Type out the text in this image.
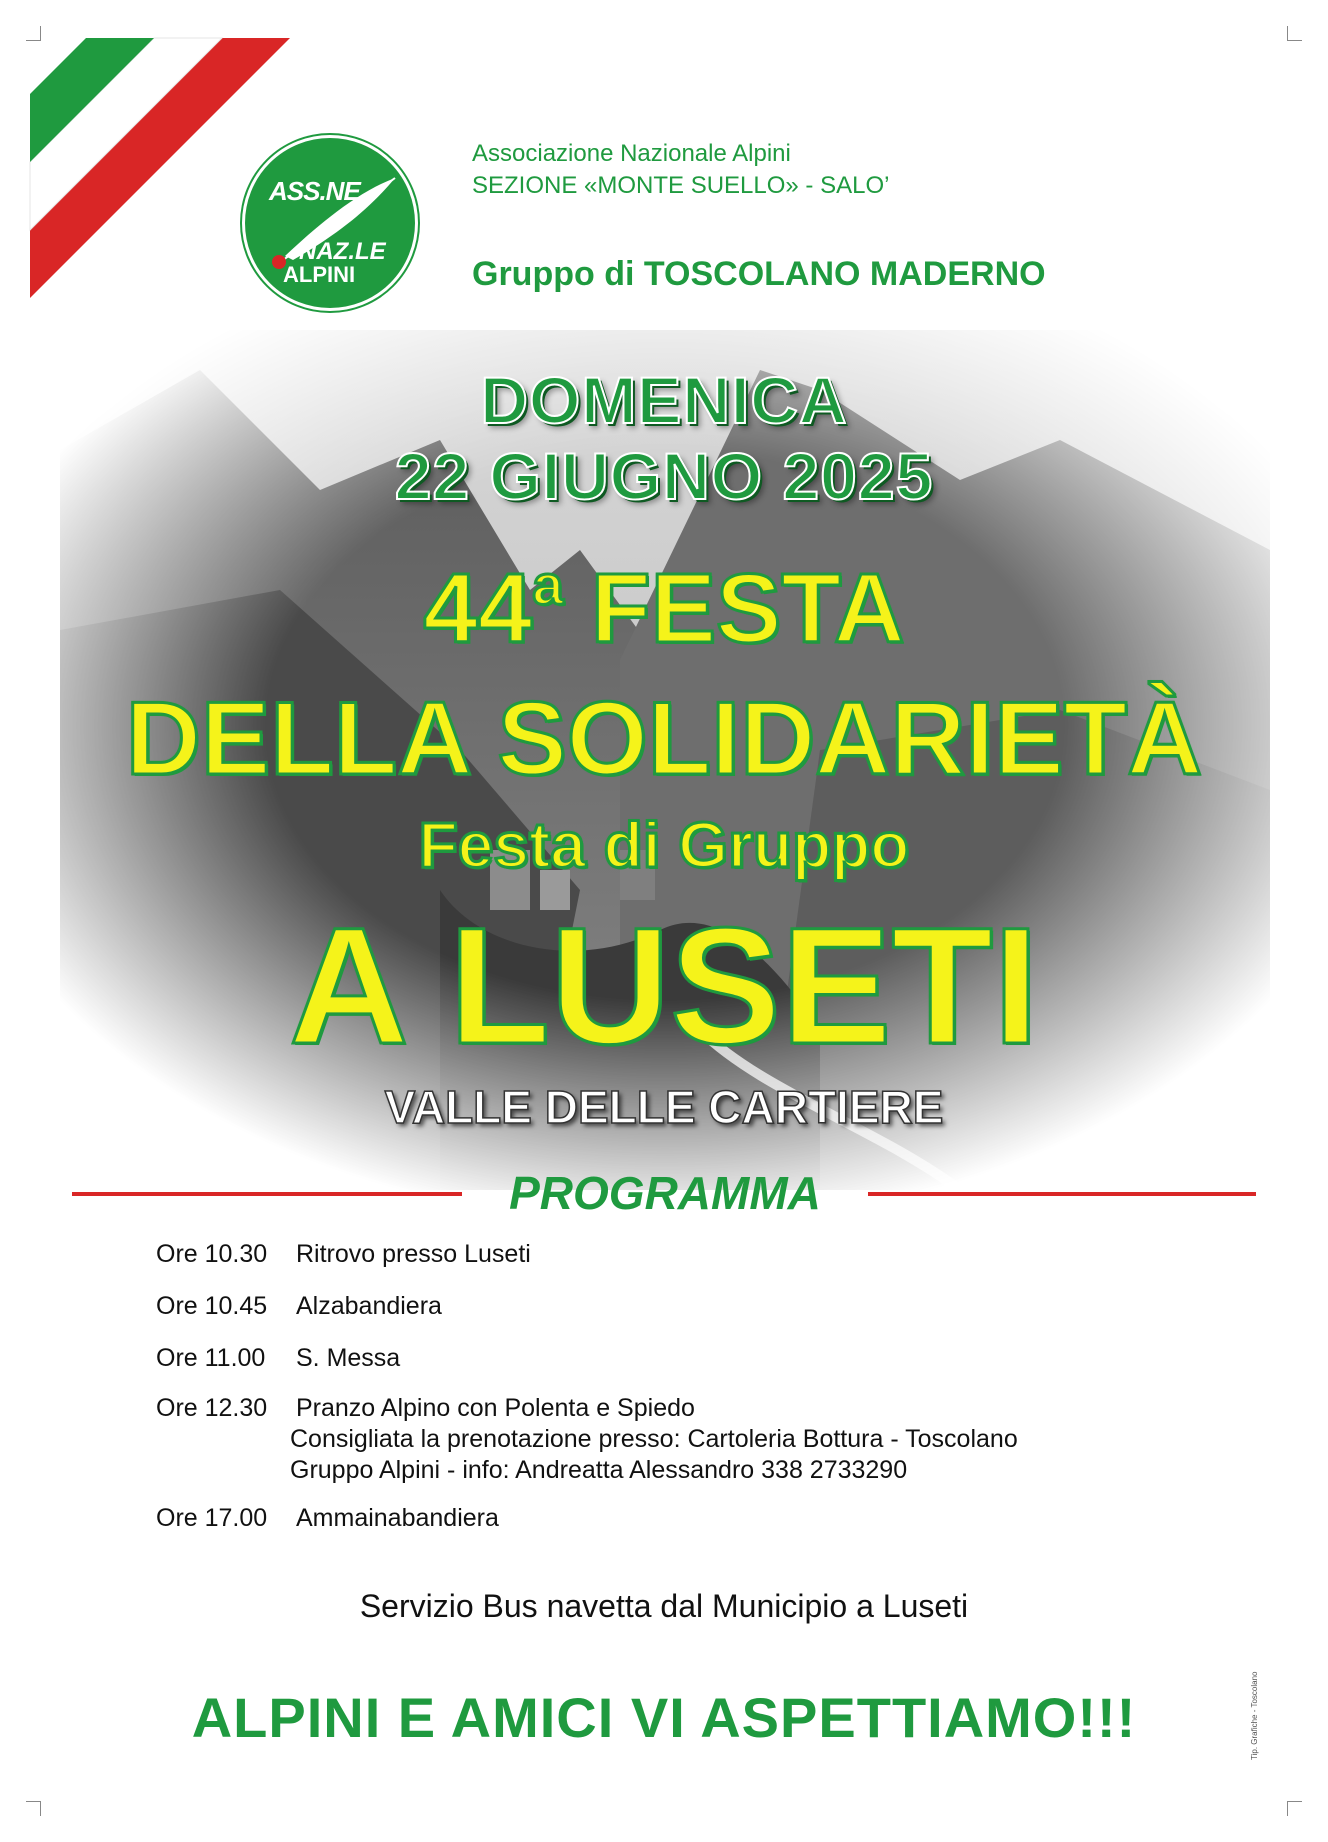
ASS.NE
NAZ.LE
ALPINI
Associazione Nazionale Alpini
SEZIONE «MONTE SUELLO» - SALO’
Gruppo di TOSCOLANO MADERNO
DOMENICA
22 GIUGNO 2025
44$^a$ FESTA
DELLA SOLIDARIETÀ
Festa di Gruppo
A LUSETI
VALLE DELLE CARTIERE
PROGRAMMA
Ore 10.30 Ritrovo presso Luseti
Ore 10.45 Alzabandiera
Ore 11.00 S. Messa
Ore 12.30 Pranzo Alpino con Polenta e Spiedo
Consigliata la prenotazione presso: Cartoleria Bottura - Toscolano
Gruppo Alpini - info: Andreatta Alessandro 338 2733290
Ore 17.00 Ammainabandiera
Servizio Bus navetta dal Municipio a Luseti
ALPINI E AMICI VI ASPETTIAMO!!!	Tip. Grafiche - Toscolano
